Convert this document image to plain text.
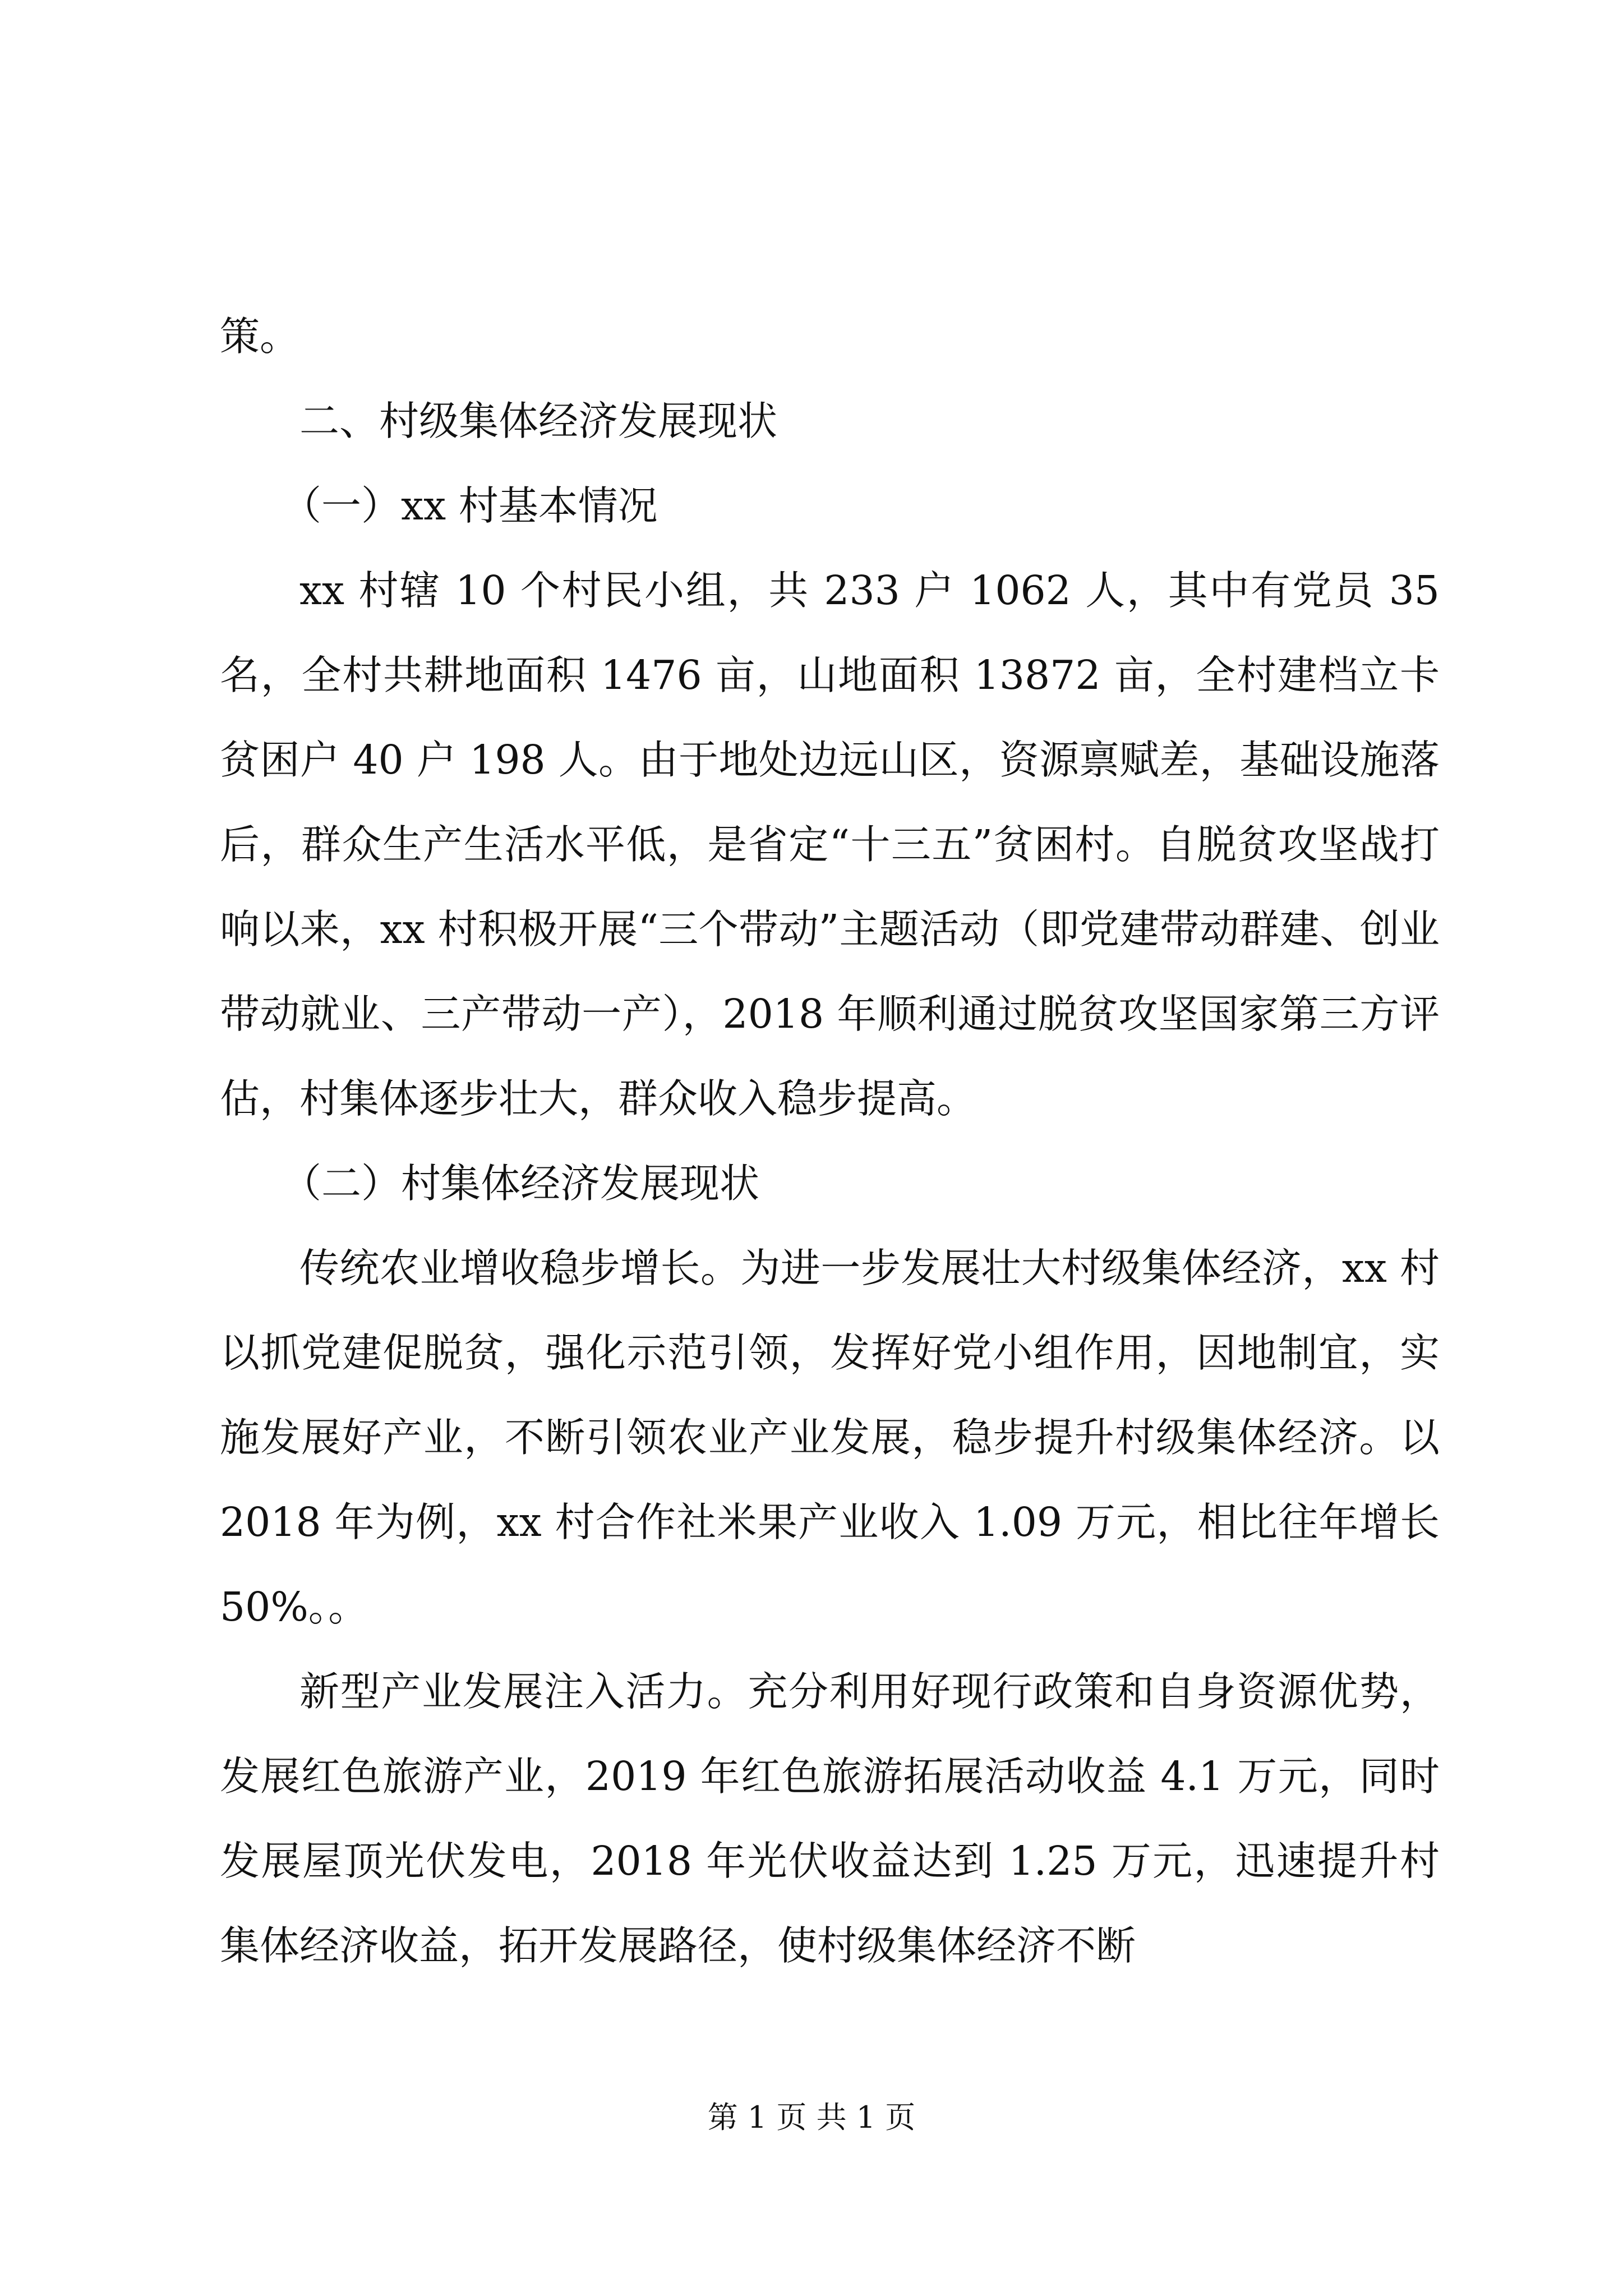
策。

二、村级集体经济发展现状

（一）xx 村基本情况

xx 村辖 10 个村民小组，共 233 户 1062 人，其中有党员 35 名，全村共耕地面积 1476 亩，山地面积 13872 亩，全村建档立卡贫困户 40 户 198 人。由于地处边远山区，资源禀赋差，基础设施落后，群众生产生活水平低，是省定“十三五”贫困村。自脱贫攻坚战打响以来，xx 村积极开展“三个带动”主题活动（即党建带动群建、创业带动就业、三产带动一产），2018 年顺利通过脱贫攻坚国家第三方评估，村集体逐步壮大，群众收入稳步提高。

（二）村集体经济发展现状

传统农业增收稳步增长。为进一步发展壮大村级集体经济，xx 村以抓党建促脱贫，强化示范引领，发挥好党小组作用，因地制宜，实施发展好产业，不断引领农业产业发展，稳步提升村级集体经济。以 2018 年为例，xx 村合作社米果产业收入 1.09 万元，相比往年增长 50%。。

新型产业发展注入活力。充分利用好现行政策和自身资源优势，发展红色旅游产业，2019 年红色旅游拓展活动收益 4.1 万元，同时发展屋顶光伏发电，2018 年光伏收益达到 1.25 万元，迅速提升村集体经济收益，拓开发展路径，使村级集体经济不断

第 1 页 共 1 页
